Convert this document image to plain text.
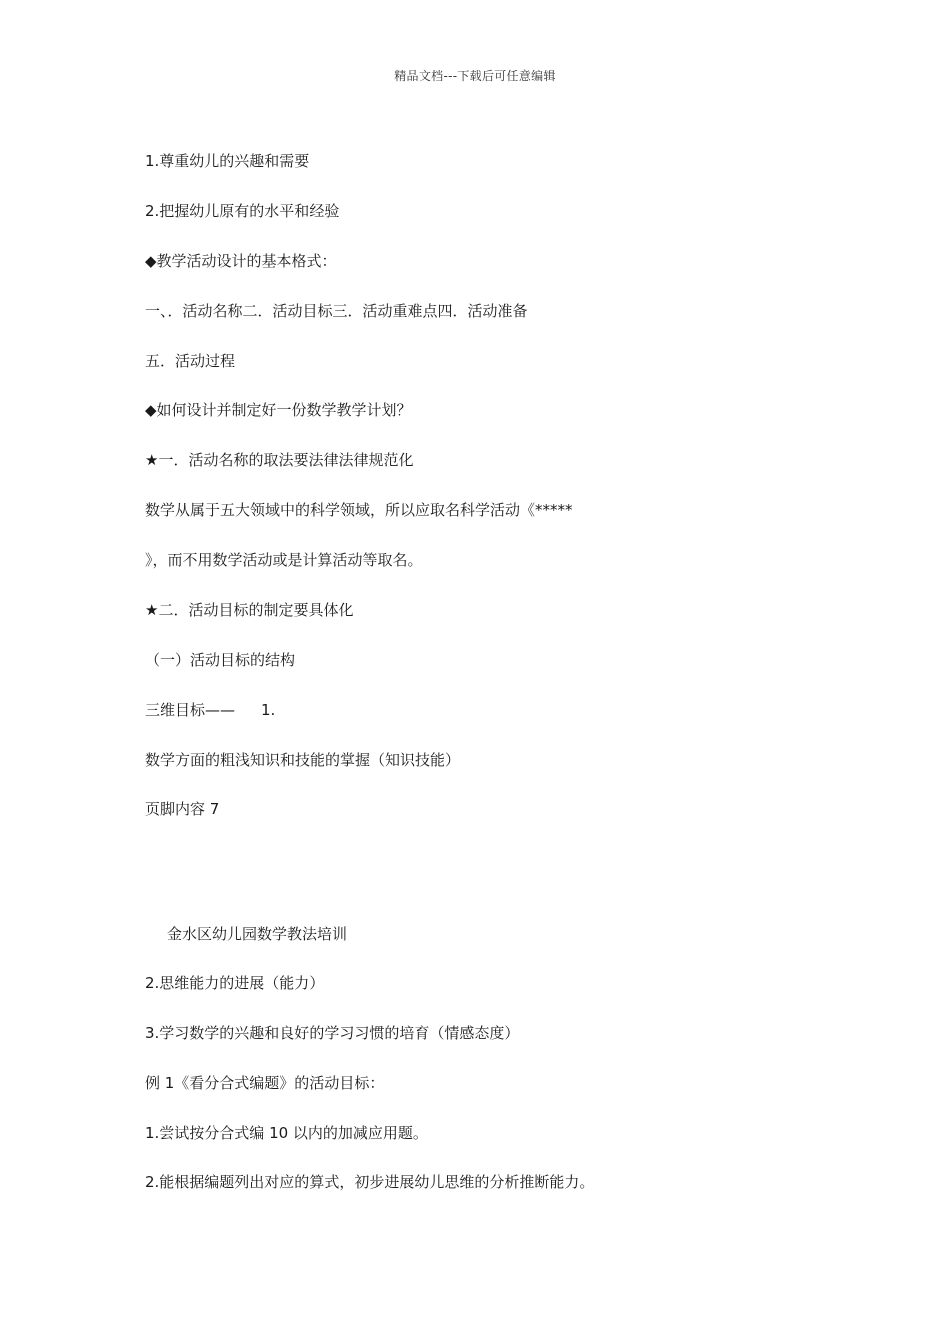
精品文档---下载后可任意编辑
1.尊重幼儿的兴趣和需要
2.把握幼儿原有的水平和经验
◆教学活动设计的基本格式：
一、．活动名称二．活动目标三．活动重难点四．活动准备
五．活动过程
◆如何设计并制定好一份数学教学计划？
★一．活动名称的取法要法律法律规范化
数学从属于五大领域中的科学领域，所以应取名科学活动《*****
》，而不用数学活动或是计算活动等取名。
★二．活动目标的制定要具体化
（一）活动目标的结构
三维目标—— 1.
数学方面的粗浅知识和技能的掌握（知识技能）
页脚内容 7
金水区幼儿园数学教法培训
2.思维能力的进展（能力）
3.学习数学的兴趣和良好的学习习惯的培育（情感态度）
例 1《看分合式编题》的活动目标：
1.尝试按分合式编 10 以内的加减应用题。
2.能根据编题列出对应的算式，初步进展幼儿思维的分析推断能力。
